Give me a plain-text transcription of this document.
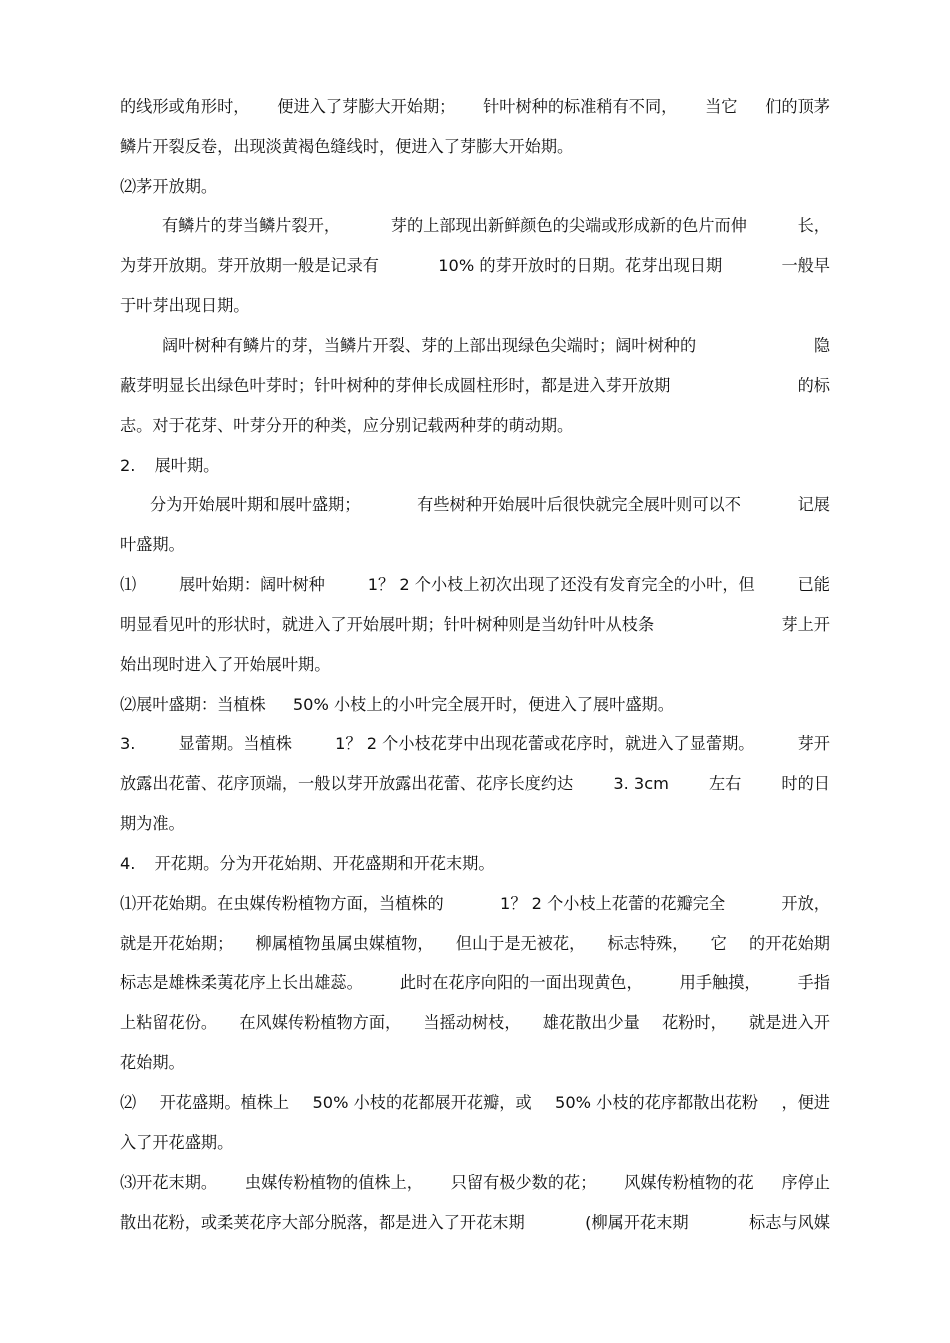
的线形或角形时， 便进入了芽膨大开始期； 针叶树种的标准稍有不同， 当它 们的顶茅
鳞片开裂反卷，出现淡黄褐色缝线时，便进入了芽膨大开始期。
⑵茅开放期。
有鳞片的芽当鳞片裂开，	芽的上部现出新鲜颜色的尖端或形成新的色片而伸	长，
为芽开放期。芽开放期一般是记录有	10% 的芽开放时的日期。花芽出现日期	一般早
于叶芽出现日期。
阔叶树种有鳞片的芽，当鳞片开裂、芽的上部出现绿色尖端时；阔叶树种的	隐
蔽芽明显长出绿色叶芽时；针叶树种的芽伸长成圆柱形时，都是进入芽开放期	的标
志。对于花芽、叶芽分开的种类，应分别记载两种芽的萌动期。
2. 展叶期。
分为开始展叶期和展叶盛期；	有些树种开始展叶后很快就完全展叶则可以不	记展
叶盛期。
⑴	展叶始期：阔叶树种	1？ 2 个小枝上初次出现了还没有发育完全的小叶，但	已能
明显看见叶的形状时，就进入了开始展叶期；针叶树种则是当幼针叶从枝条	芽上开
始出现时进入了开始展叶期。
⑵展叶盛期：当植株 50% 小枝上的小叶完全展开时，便进入了展叶盛期。
3.	显蕾期。当植株	1？ 2 个小枝花芽中出现花蕾或花序时，就进入了显蕾期。	芽开
放露出花蕾、花序顶端，一般以芽开放露出花蕾、花序长度约达 3. 3cm 左右 时的日
期为准。
4. 开花期。分为开花始期、开花盛期和开花末期。
⑴开花始期。在虫媒传粉植物方面，当植株的	1？ 2 个小枝上花蕾的花瓣完全	开放，
就是开花始期； 柳属植物虽属虫媒植物， 但山于是无被花， 标志特殊， 它 的开花始期
标志是雄株柔荑花序上长出雄蕊。 此时在花序向阳的一面出现黄色， 用手触摸， 手指
上粘留花份。 在风媒传粉植物方面， 当摇动树枝， 雄花散出少量 花粉时， 就是进入开
花始期。
⑵ 开花盛期。植株上 50% 小枝的花都展开花瓣，或 50% 小枝的花序都散出花粉 ，便进
入了开花盛期。
⑶开花末期。 虫媒传粉植物的值株上， 只留有极少数的花； 风媒传粉植物的花 序停止
散出花粉，或柔荚花序大部分脱落，都是进入了开花末期	(柳属开花末期	标志与风媒
